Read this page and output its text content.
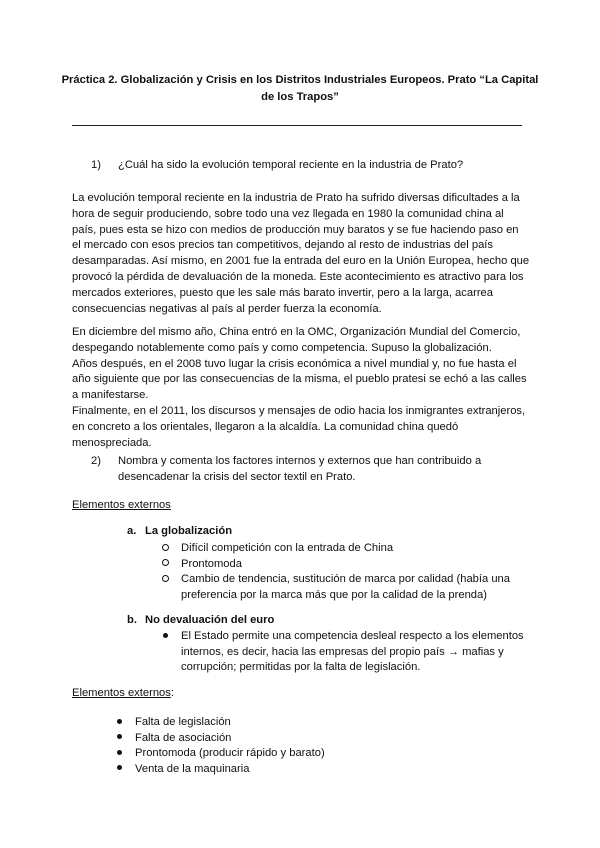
Práctica 2. Globalización y Crisis en los Distritos Industriales Europeos. Prato “La Capital de los Trapos”
1)	¿Cuál ha sido la evolución temporal reciente en la industria de Prato?

La evolución temporal reciente en la industria de Prato ha sufrido diversas dificultades a la hora de seguir produciendo, sobre todo una vez llegada en 1980 la comunidad china al país, pues esta se hizo con medios de producción muy baratos y se fue haciendo paso en el mercado con esos precios tan competitivos, dejando al resto de industrias del país desamparadas. Así mismo, en 2001 fue la entrada del euro en la Unión Europea, hecho que provocó la pérdida de devaluación de la moneda. Este acontecimiento es atractivo para los mercados exteriores, puesto que les sale más barato invertir, pero a la larga, acarrea consecuencias negativas al país al perder fuerza la economía.

En diciembre del mismo año, China entró en la OMC, Organización Mundial del Comercio, despegando notablemente como país y como competencia. Supuso la globalización.

Años después, en el 2008 tuvo lugar la crisis económica a nivel mundial y, no fue hasta el año siguiente que por las consecuencias de la misma, el pueblo pratesi se echó a las calles a manifestarse.

Finalmente, en el 2011, los discursos y mensajes de odio hacia los inmigrantes extranjeros, en concreto a los orientales, llegaron a la alcaldía. La comunidad china quedó menospreciada.

2)	Nombra y comenta los factores internos y externos que han contribuido a desencadenar la crisis del sector textil en Prato.
Elementos externos
a. La globalización
Difícil competición con la entrada de China
Prontomoda
Cambio de tendencia, sustitución de marca por calidad (había una preferencia por la marca más que por la calidad de la prenda)
b. No devaluación del euro
El Estado permite una competencia desleal respecto a los elementos internos, es decir, hacia las empresas del propio país → mafias y corrupción; permitidas por la falta de legislación.
Elementos externos:
Falta de legislación
Falta de asociación
Prontomoda (producir rápido y barato)
Venta de la maquinaria
